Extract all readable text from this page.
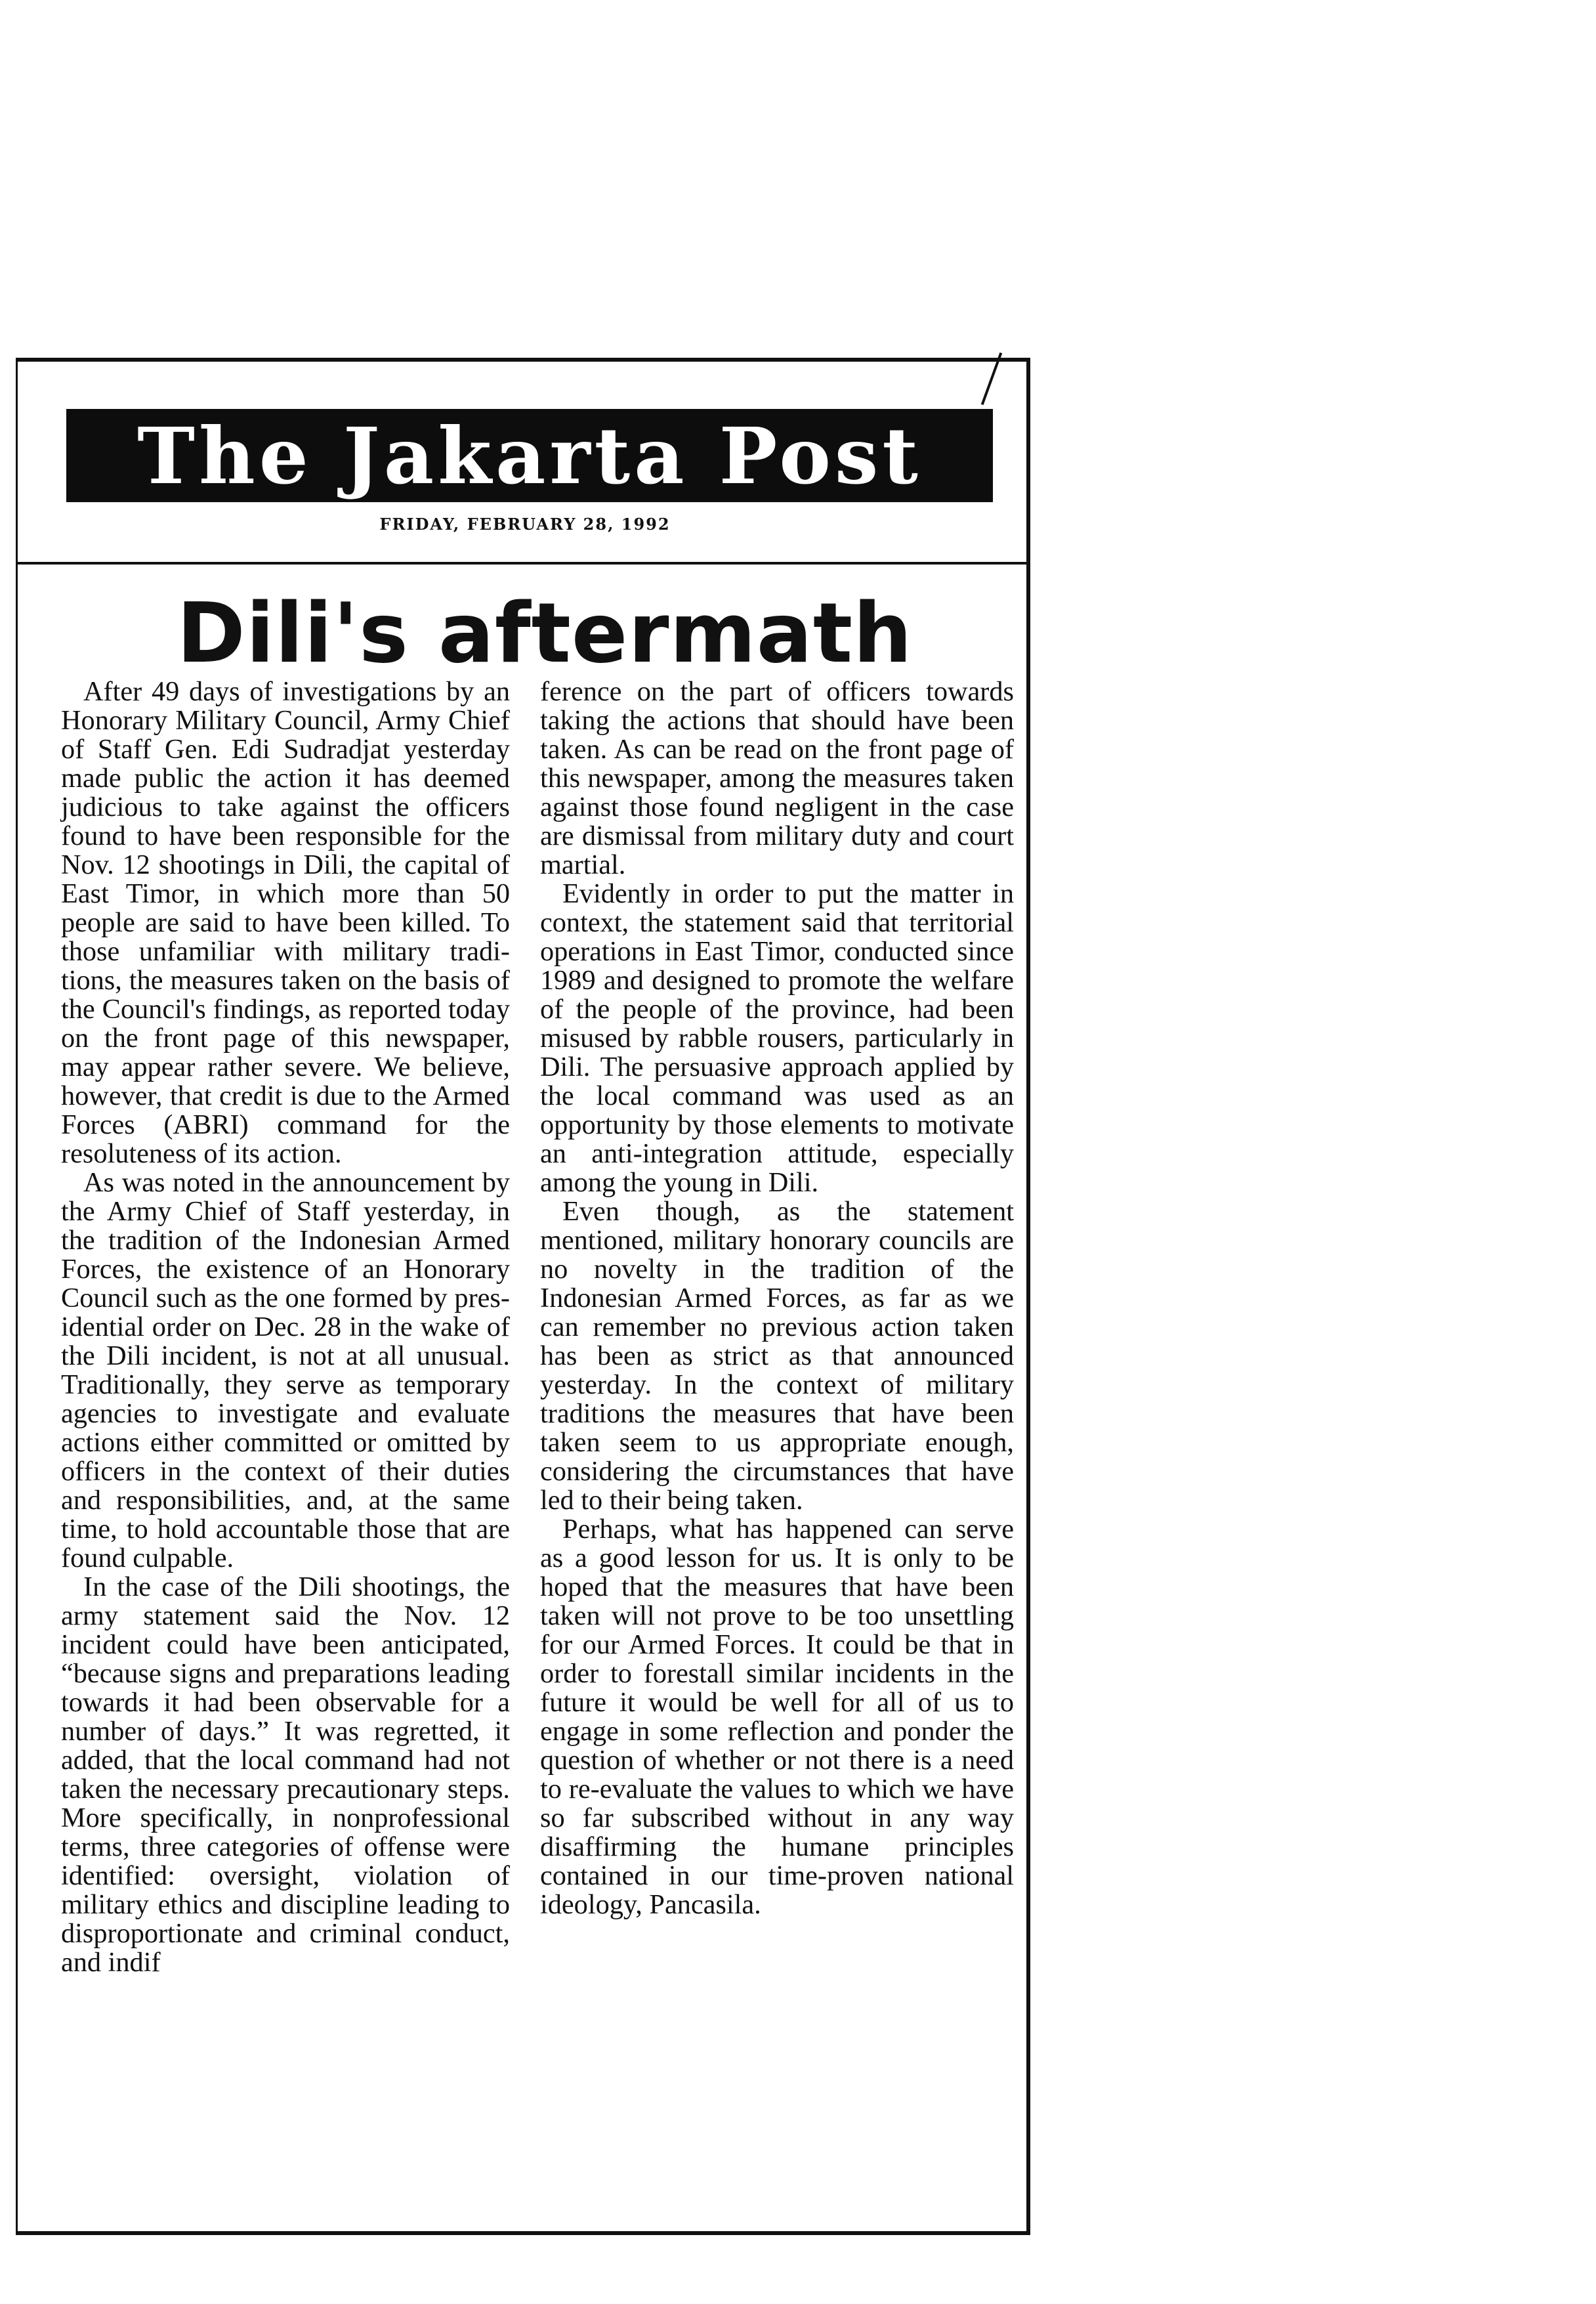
The Jakarta Post
FRIDAY, FEBRUARY 28, 1992
Dili's aftermath

After 49 days of investigations by an Honorary Military Council, Army Chief of Staff Gen. Edi Sudradjat yesterday made public the action it has deemed judicious to take against the officers found to have been responsible for the Nov. 12 shootings in Dili, the capital of East Timor, in which more than 50 people are said to have been killed. To those unfamiliar with military traditions, the measures taken on the basis of the Council's findings, as reported today on the front page of this newspaper, may appear rather severe. We believe, however, that credit is due to the Armed Forces (ABRI) command for the resoluteness of its action.

As was noted in the announcement by the Army Chief of Staff yesterday, in the tradition of the Indonesian Armed Forces, the existence of an Honorary Council such as the one formed by presidential order on Dec. 28 in the wake of the Dili incident, is not at all unusual. Traditionally, they serve as temporary agencies to investigate and evaluate actions either committed or omitted by officers in the context of their duties and responsibilities, and, at the same time, to hold accountable those that are found culpable.

In the case of the Dili shootings, the army statement said the Nov. 12 incident could have been anticipated, “because signs and preparations leading towards it had been observable for a number of days.” It was regretted, it added, that the local command had not taken the necessary precautionary steps. More specifically, in nonprofessional terms, three categories of offense were identified: oversight, violation of military ethics and discipline leading to disproportionate and criminal conduct, and indif

ference on the part of officers towards taking the actions that should have been taken. As can be read on the front page of this newspaper, among the measures taken against those found negligent in the case are dismissal from military duty and court martial.

Evidently in order to put the matter in context, the statement said that territorial operations in East Timor, conducted since 1989 and designed to promote the welfare of the people of the province, had been misused by rabble rousers, particularly in Dili. The persuasive approach applied by the local command was used as an opportunity by those elements to motivate an anti-integration attitude, especially among the young in Dili.

Even though, as the statement mentioned, military honorary councils are no novelty in the tradition of the Indonesian Armed Forces, as far as we can remember no previous action taken has been as strict as that announced yesterday. In the context of military traditions the measures that have been taken seem to us appropriate enough, considering the circumstances that have led to their being taken.

Perhaps, what has happened can serve as a good lesson for us. It is only to be hoped that the measures that have been taken will not prove to be too unsettling for our Armed Forces. It could be that in order to forestall similar incidents in the future it would be well for all of us to engage in some reflection and ponder the question of whether or not there is a need to re-evaluate the values to which we have so far subscribed without in any way disaffirming the humane principles contained in our time-proven national ideology, Pancasila.
